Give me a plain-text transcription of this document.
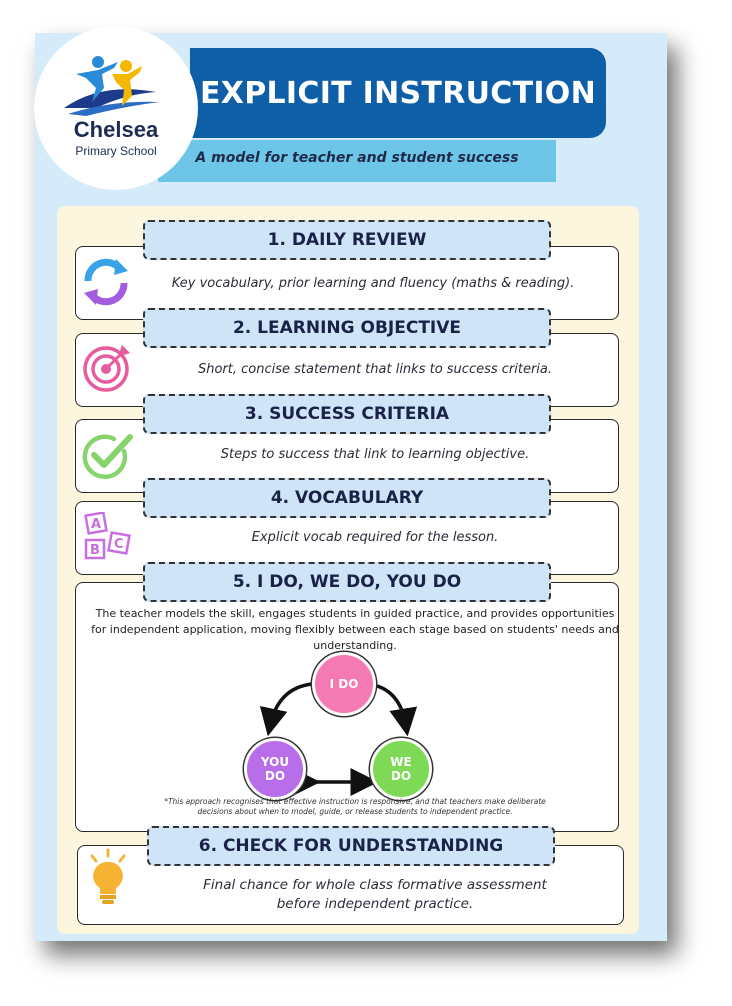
EXPLICIT INSTRUCTION
A model for teacher and student success
Chelsea
Primary School
1. DAILY REVIEW
Key vocabulary, prior learning and fluency (maths & reading).
2. LEARNING OBJECTIVE
Short, concise statement that links to success criteria.
3. SUCCESS CRITERIA
Steps to success that link to learning objective.
4. VOCABULARY
A
B C	Explicit vocab required for the lesson.
5. I DO, WE DO, YOU DO
The teacher models the skill, engages students in guided practice, and provides opportunities for independent application, moving flexibly between each stage based on students' needs and understanding.
I DO
WE
DO
YOU
DO
*This approach recognises that effective instruction is responsive, and that teachers make deliberate
decisions about when to model, guide, or release students to independent practice.
6. CHECK FOR UNDERSTANDING
Final chance for whole class formative assessment
before independent practice.
